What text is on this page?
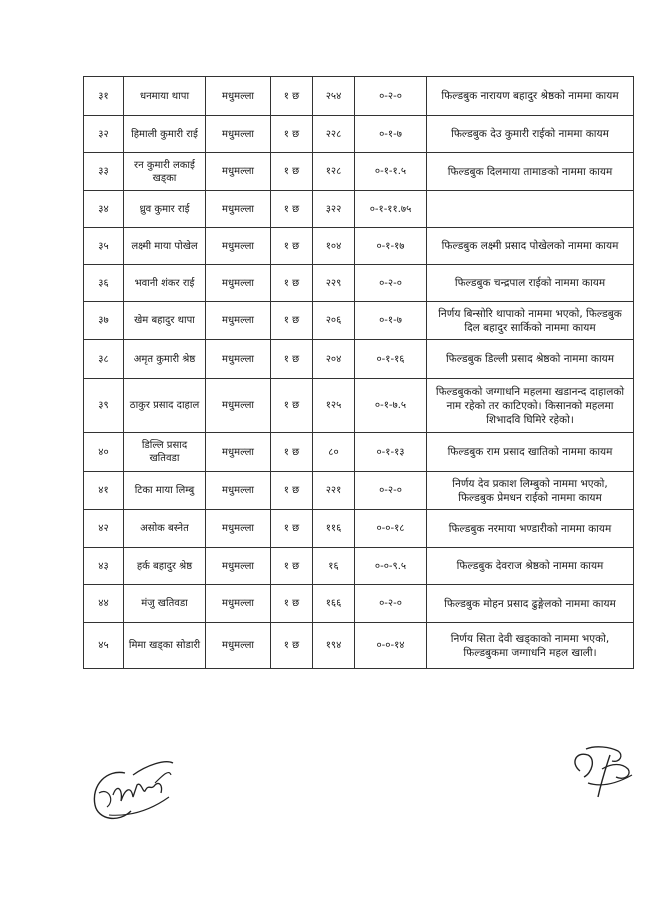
३१	धनमाया थापा	मधुमल्ला	१ छ	२५४	०-२-०	फिल्डबुक नारायण बहादुर श्रेष्ठको नाममा कायम
३२	हिमाली कुमारी राई	मधुमल्ला	१ छ	२२८	०-१-७	फिल्डबुक देउ कुमारी राईको नाममा कायम
३३	रन कुमारी लकाई खड्का	मधुमल्ला	१ छ	१२८	०-१-१.५	फिल्डबुक दिलमाया तामाङको नाममा कायम
३४	ध्रुव कुमार राई	मधुमल्ला	१ छ	३२२	०-१-११.७५	
३५	लक्ष्मी माया पोखेल	मधुमल्ला	१ छ	१०४	०-१-१७	फिल्डबुक लक्ष्मी प्रसाद पोखेलको नाममा कायम
३६	भवानी शंकर राई	मधुमल्ला	१ छ	२२९	०-२-०	फिल्डबुक चन्द्रपाल राईको नाममा कायम
३७	खेम बहादुर थापा	मधुमल्ला	१ छ	२०६	०-१-७	निर्णय बिन्सोरि थापाको नाममा भएको, फिल्डबुक दिल बहादुर सार्किको नाममा कायम
३८	अमृत कुमारी श्रेष्ठ	मधुमल्ला	१ छ	२०४	०-१-१६	फिल्डबुक डिल्ली प्रसाद श्रेष्ठको नाममा कायम
३९	ठाकुर प्रसाद दाहाल	मधुमल्ला	१ छ	१२५	०-१-७.५	फिल्डबुकको जग्गाधनि महलमा खडानन्द दाहालको नाम रहेको तर काटिएको। किसानको महलमा शिभादवि घिमिरे रहेको।
४०	डिल्लि प्रसाद खतिवडा	मधुमल्ला	१ छ	८०	०-१-१३	फिल्डबुक राम प्रसाद खातिको नाममा कायम
४१	टिका माया लिम्बु	मधुमल्ला	१ छ	२२१	०-२-०	निर्णय देव प्रकाश लिम्बुको नाममा भएको, फिल्डबुक प्रेमधन राईको नाममा कायम
४२	असोक बस्नेत	मधुमल्ला	१ छ	११६	०-०-१८	फिल्डबुक नरमाया भण्डारीको नाममा कायम
४३	हर्क बहादुर श्रेष्ठ	मधुमल्ला	१ छ	१६	०-०-९.५	फिल्डबुक देवराज श्रेष्ठको नाममा कायम
४४	मंजु खतिवडा	मधुमल्ला	१ छ	१६६	०-२-०	फिल्डबुक मोहन प्रसाद ढुङ्गेलको नाममा कायम
४५	मिमा खड्का सोडारी	मधुमल्ला	१ छ	१९४	०-०-१४	निर्णय सिता देवी खड्काको नाममा भएको, फिल्डबुकमा जग्गाधनि महल खाली।
